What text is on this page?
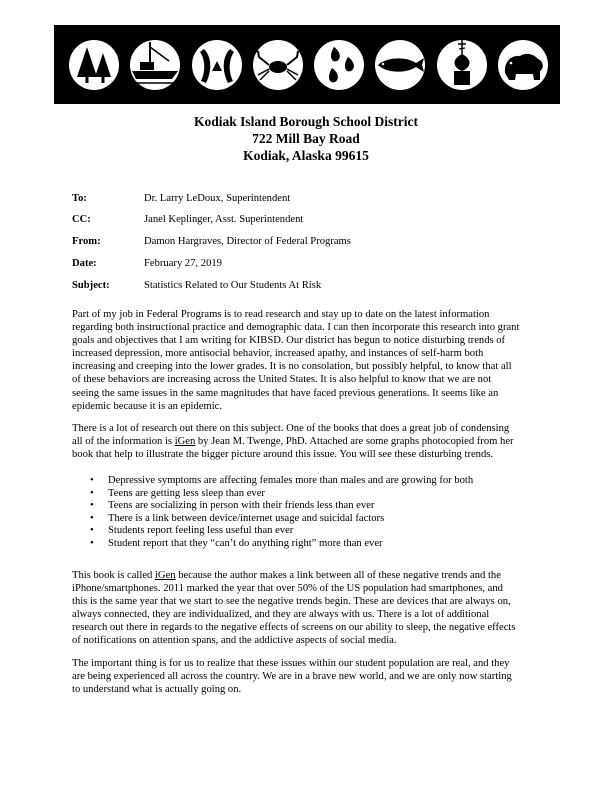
Kodiak Island Borough School District
722 Mill Bay Road
Kodiak, Alaska 99615
To:	Dr. Larry LeDoux, Superintendent
CC:	Janel Keplinger, Asst. Superintendent
From:	Damon Hargraves, Director of Federal Programs
Date:	February 27, 2019
Subject:	Statistics Related to Our Students At Risk
Part of my job in Federal Programs is to read research and stay up to date on the latest information
regarding both instructional practice and demographic data. I can then incorporate this research into grant
goals and objectives that I am writing for KIBSD. Our district has begun to notice disturbing trends of
increased depression, more antisocial behavior, increased apathy, and instances of self-harm both
increasing and creeping into the lower grades. It is no consolation, but possibly helpful, to know that all
of these behaviors are increasing across the United States. It is also helpful to know that we are not
seeing the same issues in the same magnitudes that have faced previous generations. It seems like an
epidemic because it is an epidemic.
There is a lot of research out there on this subject. One of the books that does a great job of condensing
all of the information is iGen by Jean M. Twenge, PhD. Attached are some graphs photocopied from her
book that help to illustrate the bigger picture around this issue. You will see these disturbing trends.
• Depressive symptoms are affecting females more than males and are growing for both
• Teens are getting less sleep than ever
• Teens are socializing in person with their friends less than ever
• There is a link between device/internet usage and suicidal factors
• Students report feeling less useful than ever
• Student report that they “can’t do anything right” more than ever
This book is called iGen because the author makes a link between all of these negative trends and the
iPhone/smartphones. 2011 marked the year that over 50% of the US population had smartphones, and
this is the same year that we start to see the negative trends begin. These are devices that are always on,
always connected, they are individualized, and they are always with us. There is a lot of additional
research out there in regards to the negative effects of screens on our ability to sleep, the negative effects
of notifications on attention spans, and the addictive aspects of social media.
The important thing is for us to realize that these issues within our student population are real, and they
are being experienced all across the country. We are in a brave new world, and we are only now starting
to understand what is actually going on.
